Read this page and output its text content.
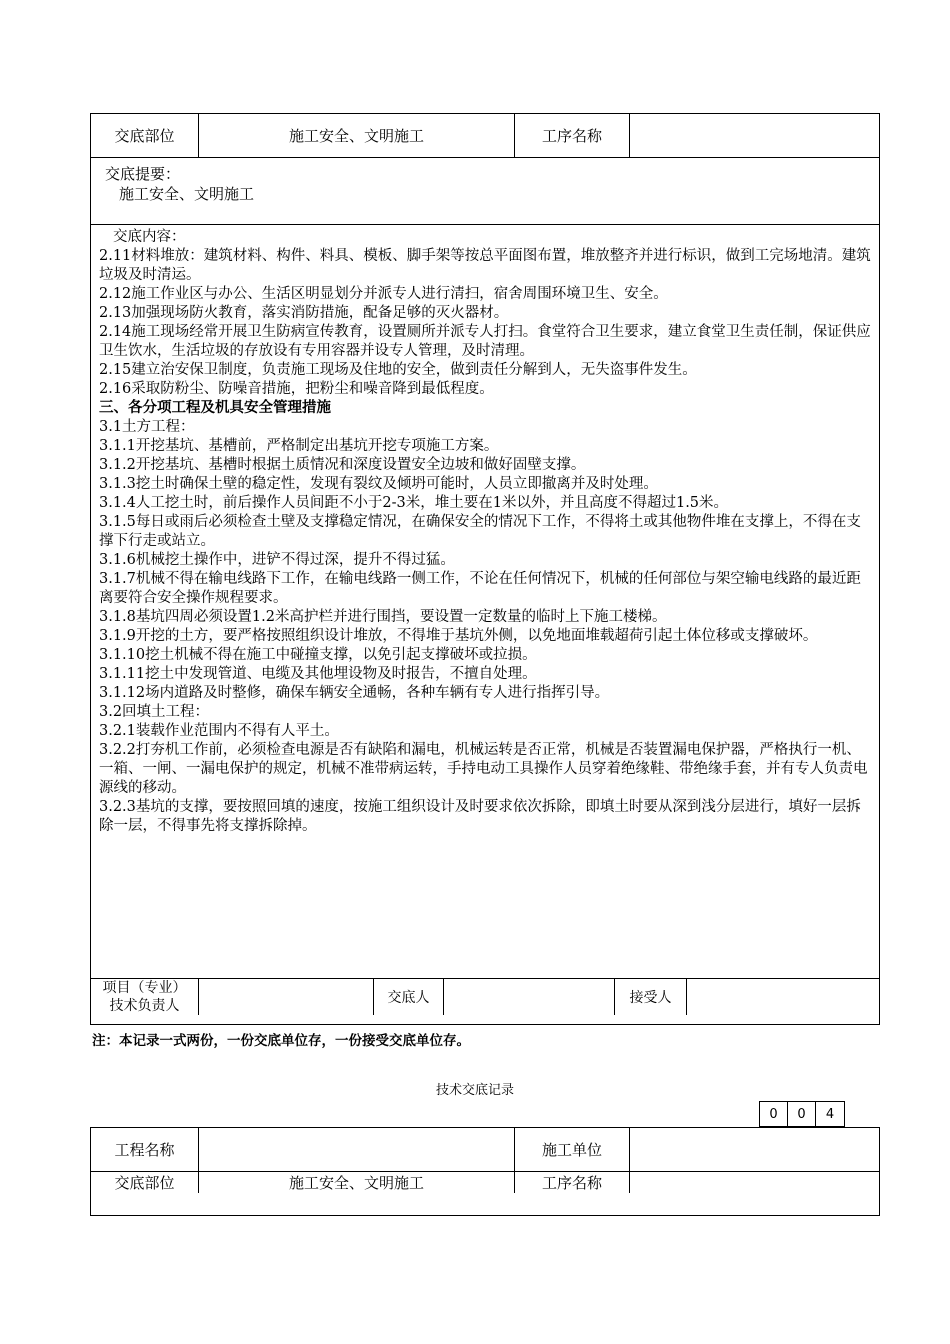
交底部位	施工安全、文明施工	工序名称
交底提要：
施工安全、文明施工

交底内容：

2.11材料堆放：建筑材料、构件、料具、模板、脚手架等按总平面图布置，堆放整齐并进行标识，做到工完场地清。建筑垃圾及时清运。

2.12施工作业区与办公、生活区明显划分并派专人进行清扫，宿舍周围环境卫生、安全。

2.13加强现场防火教育，落实消防措施，配备足够的灭火器材。

2.14施工现场经常开展卫生防病宣传教育，设置厕所并派专人打扫。食堂符合卫生要求，建立食堂卫生责任制，保证供应卫生饮水，生活垃圾的存放设有专用容器并设专人管理，及时清理。

2.15建立治安保卫制度，负责施工现场及住地的安全，做到责任分解到人，无失盗事件发生。

2.16采取防粉尘、防噪音措施，把粉尘和噪音降到最低程度。

三、各分项工程及机具安全管理措施

3.1土方工程：

3.1.1开挖基坑、基槽前，严格制定出基坑开挖专项施工方案。

3.1.2开挖基坑、基槽时根据土质情况和深度设置安全边坡和做好固壁支撑。

3.1.3挖土时确保土壁的稳定性，发现有裂纹及倾坍可能时，人员立即撤离并及时处理。

3.1.4人工挖土时，前后操作人员间距不小于2-3米，堆土要在1米以外，并且高度不得超过1.5米。

3.1.5每日或雨后必须检查土壁及支撑稳定情况，在确保安全的情况下工作，不得将土或其他物件堆在支撑上，不得在支撑下行走或站立。

3.1.6机械挖土操作中，进铲不得过深，提升不得过猛。

3.1.7机械不得在输电线路下工作，在输电线路一侧工作，不论在任何情况下，机械的任何部位与架空输电线路的最近距离要符合安全操作规程要求。

3.1.8基坑四周必须设置1.2米高护栏并进行围挡，要设置一定数量的临时上下施工楼梯。

3.1.9开挖的土方，要严格按照组织设计堆放，不得堆于基坑外侧，以免地面堆载超荷引起土体位移或支撑破坏。

3.1.10挖土机械不得在施工中碰撞支撑，以免引起支撑破坏或拉损。

3.1.11挖土中发现管道、电缆及其他埋设物及时报告，不擅自处理。

3.1.12场内道路及时整修，确保车辆安全通畅，各种车辆有专人进行指挥引导。

3.2回填土工程：

3.2.1装载作业范围内不得有人平土。

3.2.2打夯机工作前，必须检查电源是否有缺陷和漏电，机械运转是否正常，机械是否装置漏电保护器，严格执行一机、一箱、一闸、一漏电保护的规定，机械不准带病运转，手持电动工具操作人员穿着绝缘鞋、带绝缘手套，并有专人负责电源线的移动。

3.2.3基坑的支撑，要按照回填的速度，按施工组织设计及时要求依次拆除，即填土时要从深到浅分层进行，填好一层拆除一层，不得事先将支撑拆除掉。

项目（专业）
技术负责人	交底人	接受人
注：本记录一式两份，一份交底单位存，一份接受交底单位存。
技术交底记录
0	0	4
工程名称	施工单位
交底部位	施工安全、文明施工	工序名称
